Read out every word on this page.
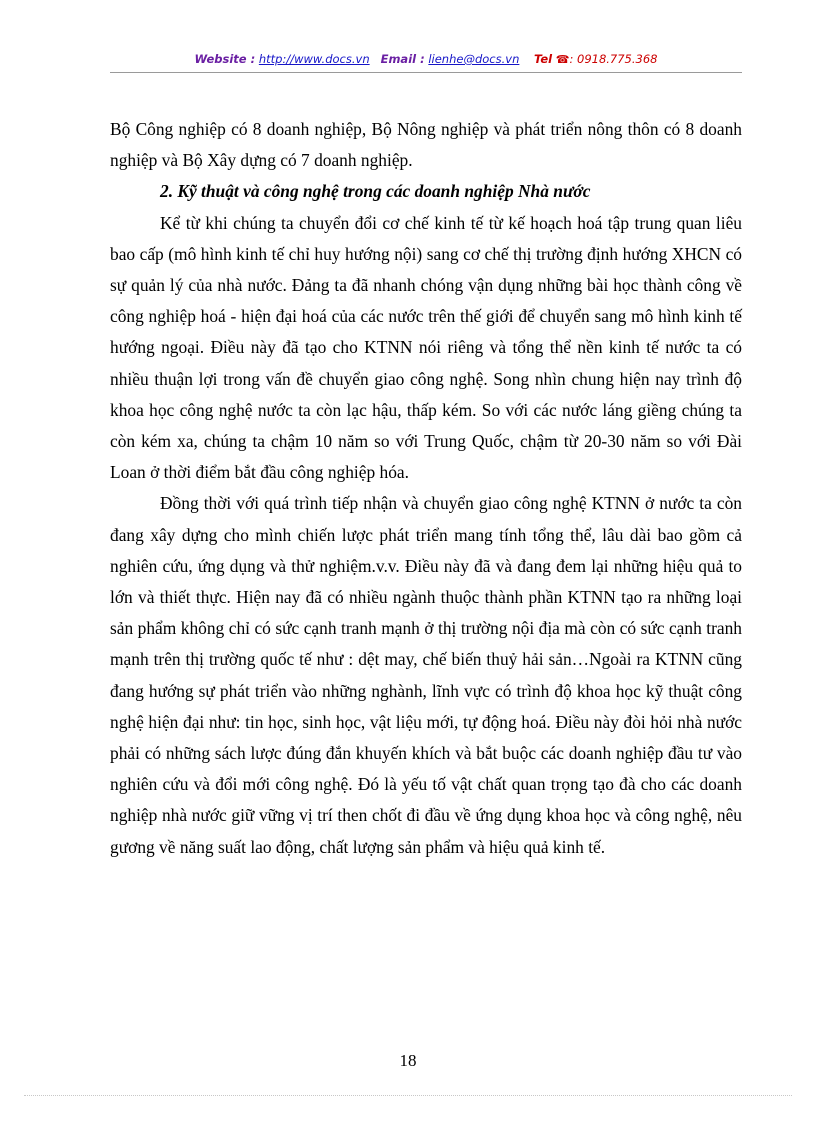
Website : http://www.docs.vn Email : lienhe@docs.vn Tel ☎: 0918.775.368

Bộ Công nghiệp có 8 doanh nghiệp, Bộ Nông nghiệp và phát triển nông thôn có 8 doanh nghiệp và Bộ Xây dựng có 7 doanh nghiệp.

2. Kỹ thuật và công nghệ trong các doanh nghiệp Nhà nước

Kể từ khi chúng ta chuyển đổi cơ chế kinh tế từ kế hoạch hoá tập trung quan liêu bao cấp (mô hình kinh tế chỉ huy hướng nội) sang cơ chế thị trường định hướng XHCN có sự quản lý của nhà nước. Đảng ta đã nhanh chóng vận dụng những bài học thành công về công nghiệp hoá - hiện đại hoá của các nước trên thế giới để chuyển sang mô hình kinh tế hướng ngoại. Điều này đã tạo cho KTNN nói riêng và tổng thể nền kinh tế nước ta có nhiều thuận lợi trong vấn đề chuyển giao công nghệ. Song nhìn chung hiện nay trình độ khoa học công nghệ nước ta còn lạc hậu, thấp kém. So với các nước láng giềng chúng ta còn kém xa, chúng ta chậm 10 năm so với Trung Quốc, chậm từ 20-30 năm so với Đài Loan ở thời điểm bắt đầu công nghiệp hóa.

Đồng thời với quá trình tiếp nhận và chuyển giao công nghệ KTNN ở nước ta còn đang xây dựng cho mình chiến lược phát triển mang tính tổng thể, lâu dài bao gồm cả nghiên cứu, ứng dụng và thử nghiệm.v.v. Điều này đã và đang đem lại những hiệu quả to lớn và thiết thực. Hiện nay đã có nhiều ngành thuộc thành phần KTNN tạo ra những loại sản phẩm không chỉ có sức cạnh tranh mạnh ở thị trường nội địa mà còn có sức cạnh tranh mạnh trên thị trường quốc tế như : dệt may, chế biến thuỷ hải sản…Ngoài ra KTNN cũng đang hướng sự phát triển vào những nghành, lĩnh vực có trình độ khoa học kỹ thuật công nghệ hiện đại như: tin học, sinh học, vật liệu mới, tự động hoá. Điều này đòi hỏi nhà nước phải có những sách lược đúng đắn khuyến khích và bắt buộc các doanh nghiệp đầu tư vào nghiên cứu và đổi mới công nghệ. Đó là yếu tố vật chất quan trọng tạo đà cho các doanh nghiệp nhà nước giữ vững vị trí then chốt đi đầu về ứng dụng khoa học và công nghệ, nêu gương về năng suất lao động, chất lượng sản phẩm và hiệu quả kinh tế.

18
